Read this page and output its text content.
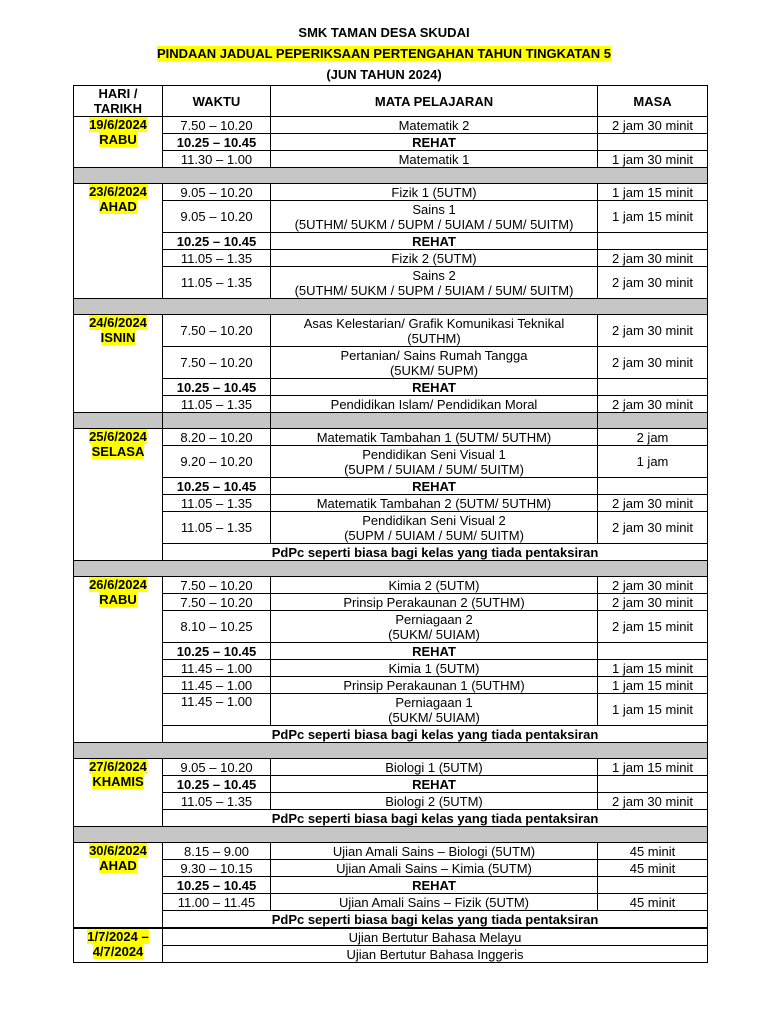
SMK TAMAN DESA SKUDAI
PINDAAN JADUAL PEPERIKSAAN PERTENGAHAN TAHUN TINGKATAN 5
(JUN TAHUN 2024)
HARI /
TARIKH	WAKTU	MATA PELAJARAN	MASA
19/6/2024
RABU	7.50 – 10.20	Matematik 2	2 jam 30 minit
	10.25 – 10.45	REHAT	
	11.30 – 1.00	Matematik 1	1 jam 30 minit

23/6/2024
AHAD	9.05 – 10.20	Fizik 1 (5UTM)	1 jam 15 minit
	9.05 – 10.20	Sains 1
(5UTHM/ 5UKM / 5UPM / 5UIAM / 5UM/ 5UITM)	1 jam 15 minit
	10.25 – 10.45	REHAT	
	11.05 – 1.35	Fizik 2 (5UTM)	2 jam 30 minit
	11.05 – 1.35	Sains 2
(5UTHM/ 5UKM / 5UPM / 5UIAM / 5UM/ 5UITM)	2 jam 30 minit

24/6/2024
ISNIN	7.50 – 10.20	Asas Kelestarian/ Grafik Komunikasi Teknikal
(5UTHM)	2 jam 30 minit
	7.50 – 10.20	Pertanian/ Sains Rumah Tangga
(5UKM/ 5UPM)	2 jam 30 minit
	10.25 – 10.45	REHAT	
	11.05 – 1.35	Pendidikan Islam/ Pendidikan Moral	2 jam 30 minit

25/6/2024
SELASA	8.20 – 10.20	Matematik Tambahan 1 (5UTM/ 5UTHM)	2 jam
	9.20 – 10.20	Pendidikan Seni Visual 1
(5UPM / 5UIAM / 5UM/ 5UITM)	1 jam
	10.25 – 10.45	REHAT	
	11.05 – 1.35	Matematik Tambahan 2 (5UTM/ 5UTHM)	2 jam 30 minit
	11.05 – 1.35	Pendidikan Seni Visual 2
(5UPM / 5UIAM / 5UM/ 5UITM)	2 jam 30 minit
	PdPc seperti biasa bagi kelas yang tiada pentaksiran		

26/6/2024
RABU	7.50 – 10.20	Kimia 2 (5UTM)	2 jam 30 minit
	7.50 – 10.20	Prinsip Perakaunan 2 (5UTHM)	2 jam 30 minit
	8.10 – 10.25	Perniagaan 2
(5UKM/ 5UIAM)	2 jam 15 minit
	10.25 – 10.45	REHAT	
	11.45 – 1.00	Kimia 1 (5UTM)	1 jam 15 minit
	11.45 – 1.00	Prinsip Perakaunan 1 (5UTHM)	1 jam 15 minit
	11.45 – 1.00	Perniagaan 1
(5UKM/ 5UIAM)	1 jam 15 minit
	PdPc seperti biasa bagi kelas yang tiada pentaksiran		

27/6/2024
KHAMIS	9.05 – 10.20	Biologi 1 (5UTM)	1 jam 15 minit
	10.25 – 10.45	REHAT	
	11.05 – 1.35	Biologi 2 (5UTM)	2 jam 30 minit
	PdPc seperti biasa bagi kelas yang tiada pentaksiran		

30/6/2024
AHAD	8.15 – 9.00	Ujian Amali Sains – Biologi (5UTM)	45 minit
	9.30 – 10.15	Ujian Amali Sains – Kimia (5UTM)	45 minit
	10.25 – 10.45	REHAT	
	11.00 – 11.45	Ujian Amali Sains – Fizik (5UTM)	45 minit
	PdPc seperti biasa bagi kelas yang tiada pentaksiran		
1/7/2024 –
4/7/2024	Ujian Bertutur Bahasa Melayu		
	Ujian Bertutur Bahasa Inggeris		
